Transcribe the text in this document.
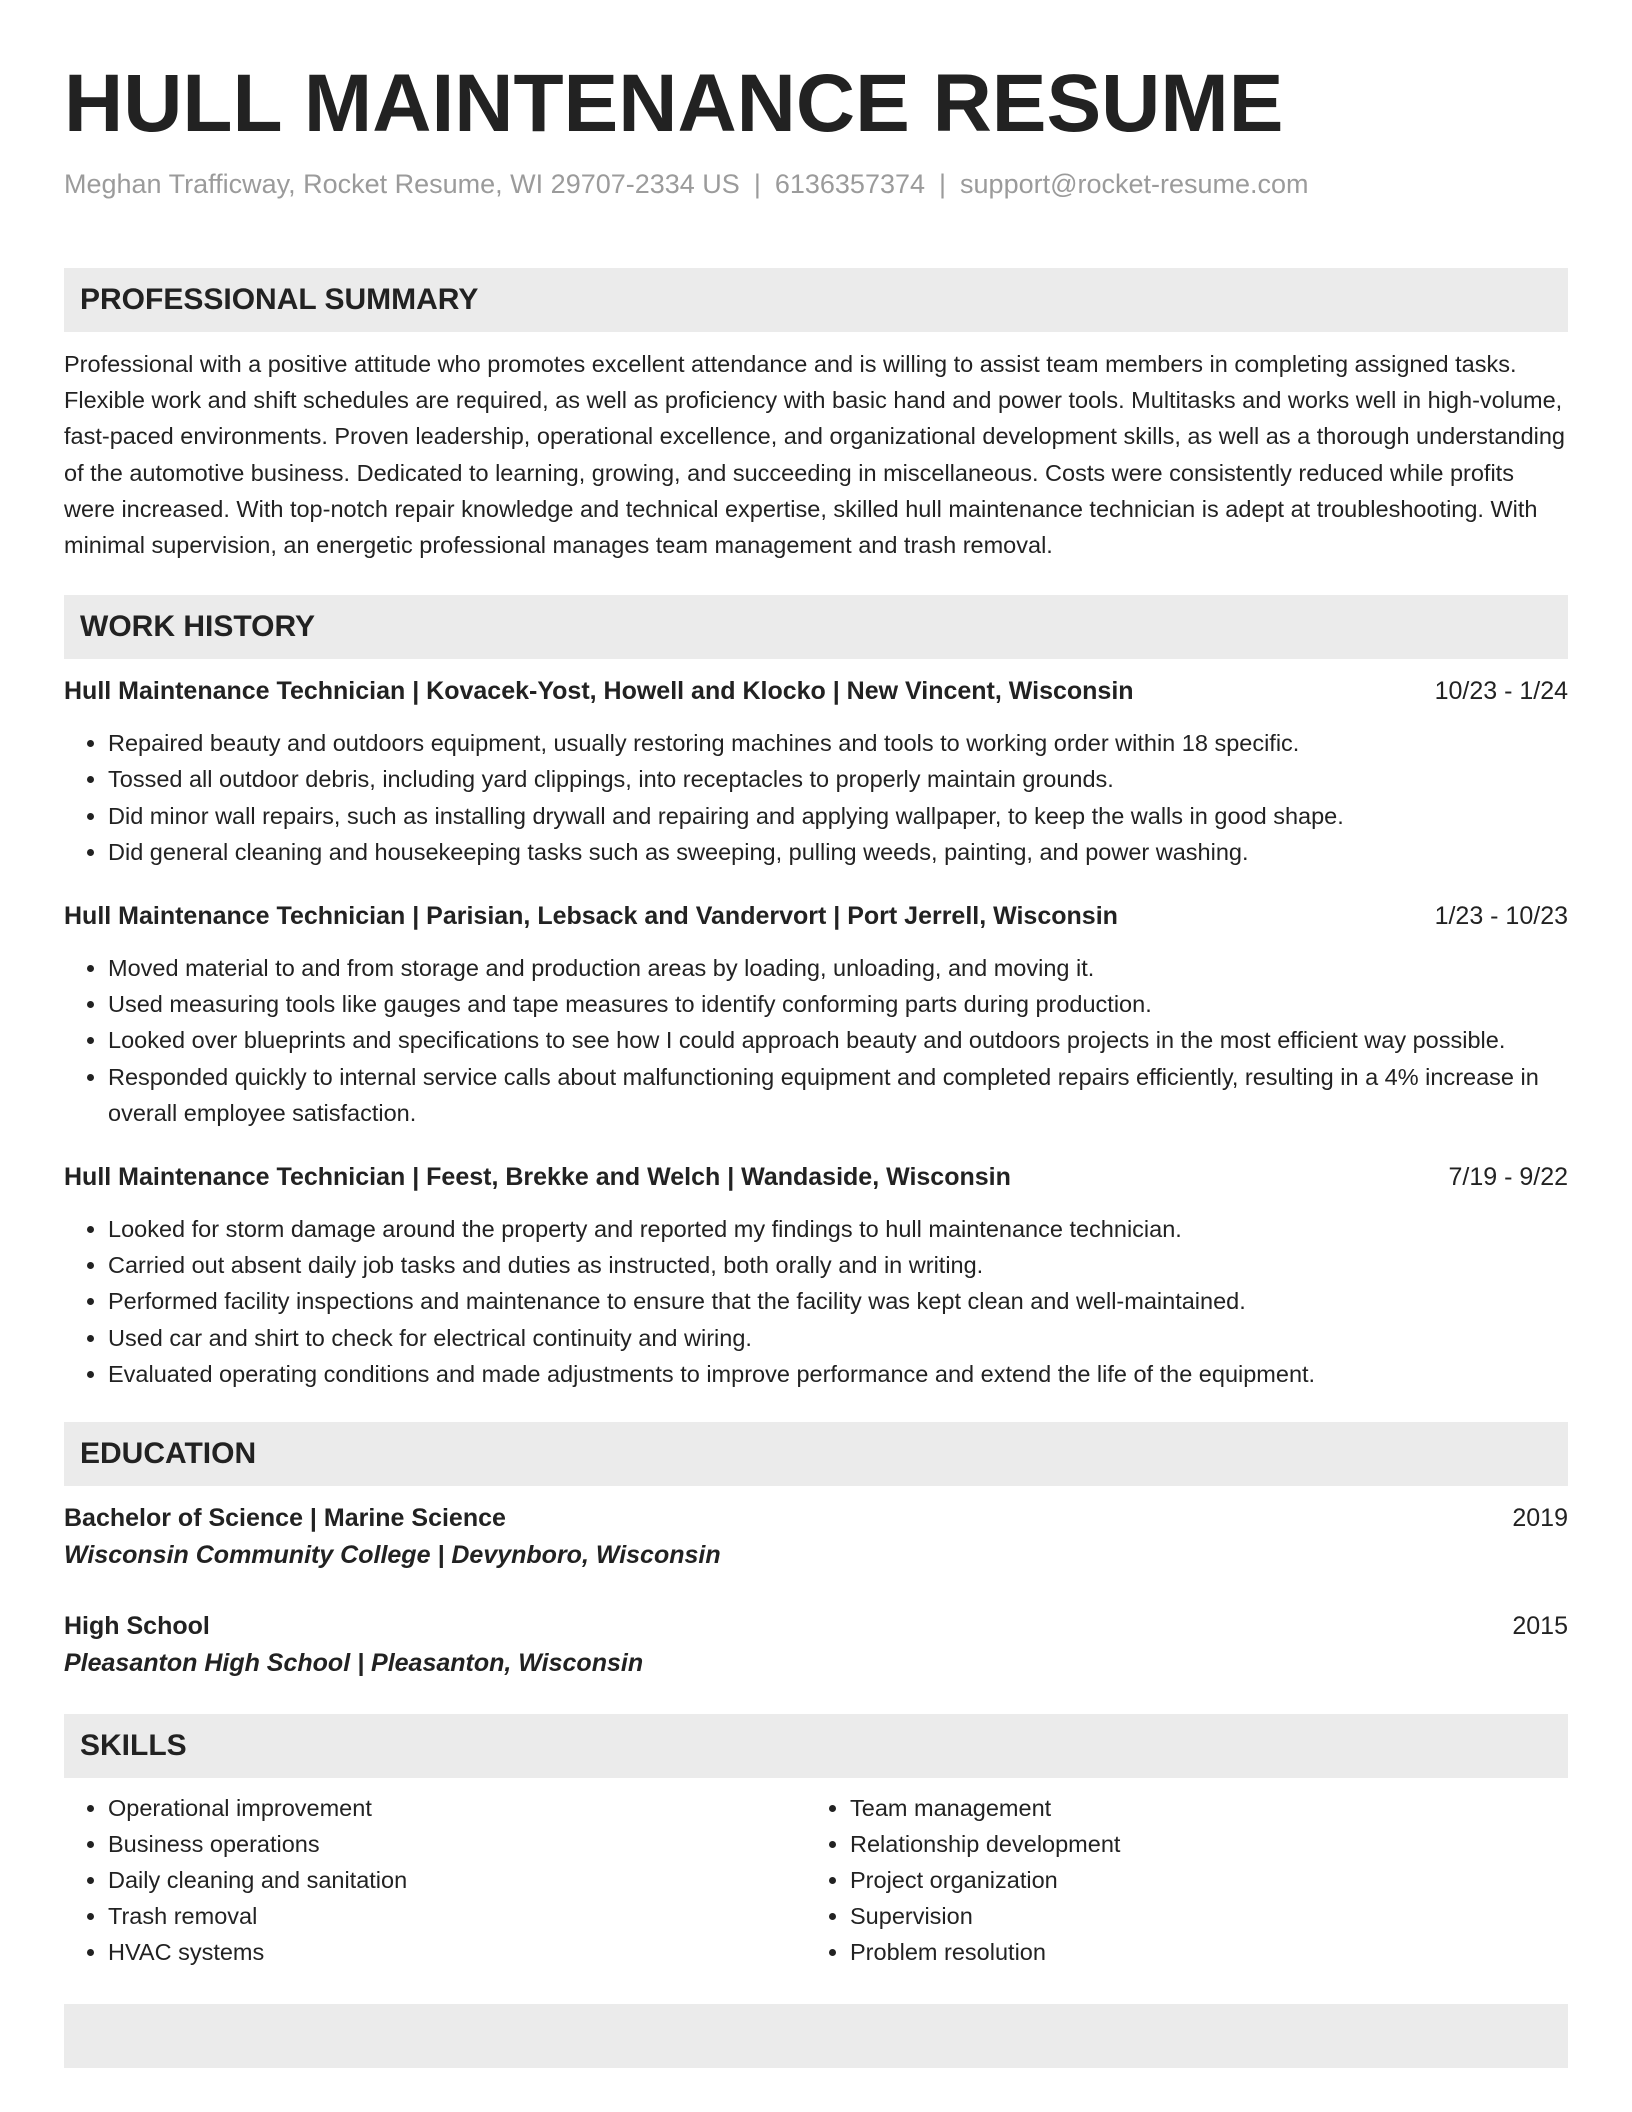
HULL MAINTENANCE RESUME
Meghan Trafficway, Rocket Resume, WI 29707-2334 US | 6136357374 | support@rocket-resume.com
PROFESSIONAL SUMMARY

Professional with a positive attitude who promotes excellent attendance and is willing to assist team members in completing assigned tasks. Flexible work and shift schedules are required, as well as proficiency with basic hand and power tools. Multitasks and works well in high-volume, fast-paced environments. Proven leadership, operational excellence, and organizational development skills, as well as a thorough understanding of the automotive business. Dedicated to learning, growing, and succeeding in miscellaneous. Costs were consistently reduced while profits were increased. With top-notch repair knowledge and technical expertise, skilled hull maintenance technician is adept at troubleshooting. With minimal supervision, an energetic professional manages team management and trash removal.

WORK HISTORY
Hull Maintenance Technician | Kovacek-Yost, Howell and Klocko | New Vincent, Wisconsin	10/23 - 1/24
• Repaired beauty and outdoors equipment, usually restoring machines and tools to working order within 18 specific.
• Tossed all outdoor debris, including yard clippings, into receptacles to properly maintain grounds.
• Did minor wall repairs, such as installing drywall and repairing and applying wallpaper, to keep the walls in good shape.
• Did general cleaning and housekeeping tasks such as sweeping, pulling weeds, painting, and power washing.
Hull Maintenance Technician | Parisian, Lebsack and Vandervort | Port Jerrell, Wisconsin	1/23 - 10/23
• Moved material to and from storage and production areas by loading, unloading, and moving it.
• Used measuring tools like gauges and tape measures to identify conforming parts during production.
• Looked over blueprints and specifications to see how I could approach beauty and outdoors projects in the most efficient way possible.
• Responded quickly to internal service calls about malfunctioning equipment and completed repairs efficiently, resulting in a 4% increase in overall employee satisfaction.
Hull Maintenance Technician | Feest, Brekke and Welch | Wandaside, Wisconsin	7/19 - 9/22
• Looked for storm damage around the property and reported my findings to hull maintenance technician.
• Carried out absent daily job tasks and duties as instructed, both orally and in writing.
• Performed facility inspections and maintenance to ensure that the facility was kept clean and well-maintained.
• Used car and shirt to check for electrical continuity and wiring.
• Evaluated operating conditions and made adjustments to improve performance and extend the life of the equipment.
EDUCATION
Bachelor of Science | Marine Science	2019
Wisconsin Community College | Devynboro, Wisconsin
High School	2015
Pleasanton High School | Pleasanton, Wisconsin
SKILLS
• Operational improvement
• Business operations
• Daily cleaning and sanitation
• Trash removal
• HVAC systems
• Team management
• Relationship development
• Project organization
• Supervision
• Problem resolution
